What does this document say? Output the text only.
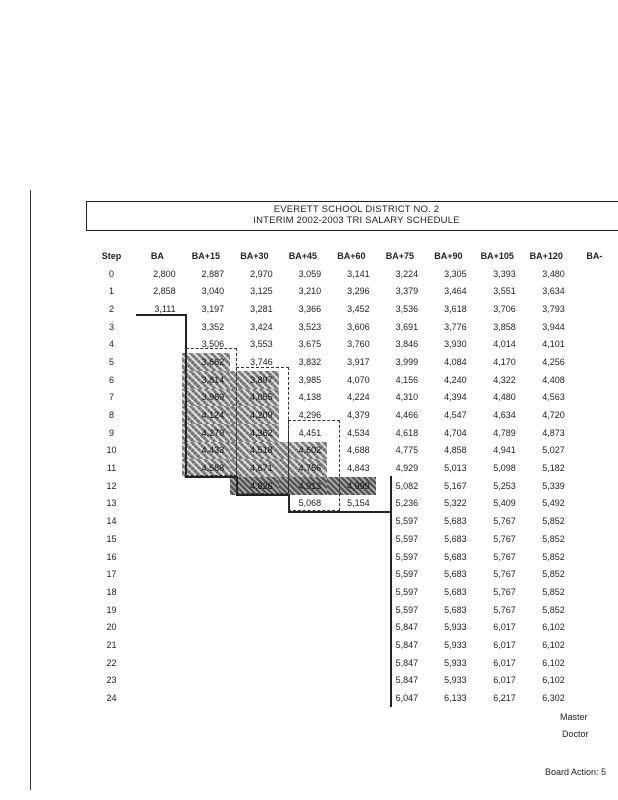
EVERETT SCHOOL DISTRICT NO. 2
INTERIM 2002-2003 TRI SALARY SCHEDULE
Step	BA	BA+15	BA+30	BA+45	BA+60	BA+75	BA+90	BA+105	BA+120	BA-
0	2,800	2,887	2,970	3,059	3,141	3,224	3,305	3,393	3,480	
1	2,858	3,040	3,125	3,210	3,296	3,379	3,464	3,551	3,634	
2	3,111	3,197	3,281	3,366	3,452	3,536	3,618	3,706	3,793	
3		3,352	3,424	3,523	3,606	3,691	3,776	3,858	3,944	
4		3,506	3,553	3,675	3,760	3,846	3,930	4,014	4,101	
5		3,662	3,746	3,832	3,917	3,999	4,084	4,170	4,256	
6		3,814	3,897	3,985	4,070	4,156	4,240	4,322	4,408	
7		3,969	4,055	4,138	4,224	4,310	4,394	4,480	4,563	
8		4,124	4,209	4,296	4,379	4,466	4,547	4,634	4,720	
9		4,279	4,362	4,451	4,534	4,618	4,704	4,789	4,873	
10		4,433	4,518	4,602	4,688	4,775	4,858	4,941	5,027	
11		4,588	4,671	4,756	4,843	4,929	5,013	5,098	5,182	
12			4,826	4,913	4,999	5,082	5,167	5,253	5,339	
13				5,068	5,154	5,236	5,322	5,409	5,492	
14						5,597	5,683	5,767	5,852	
15						5,597	5,683	5,767	5,852	
16						5,597	5,683	5,767	5,852	
17						5,597	5,683	5,767	5,852	
18						5,597	5,683	5,767	5,852	
19						5,597	5,683	5,767	5,852	
20						5,847	5,933	6,017	6,102	
21						5,847	5,933	6,017	6,102	
22						5,847	5,933	6,017	6,102	
23						5,847	5,933	6,017	6,102	
24						6,047	6,133	6,217	6,302	
Master
Doctor
Board Action: 5
